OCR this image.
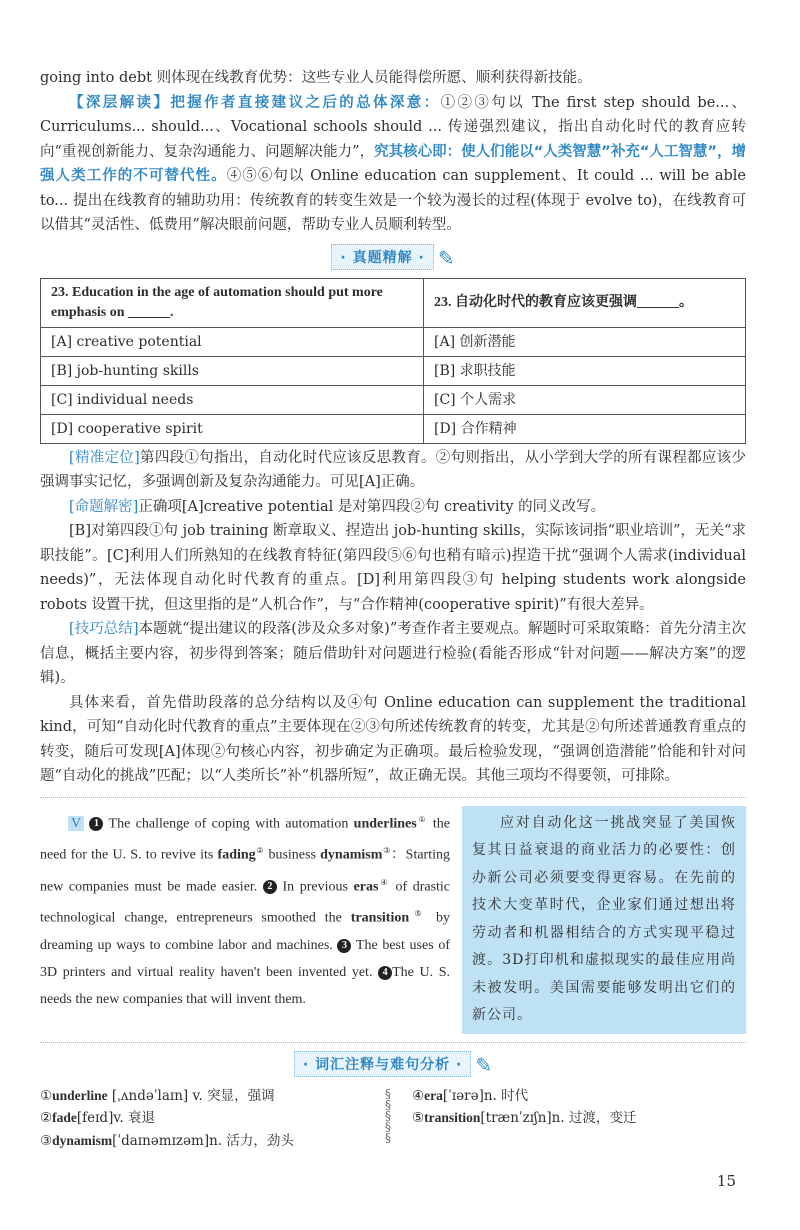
going into debt 则体现在线教育优势：这些专业人员能得偿所愿、顺利获得新技能。

【深层解读】把握作者直接建议之后的总体深意：①②③句以 The first step should be...、Curriculums... should...、Vocational schools should ... 传递强烈建议，指出自动化时代的教育应转向“重视创新能力、复杂沟通能力、问题解决能力”，究其核心即：使人们能以“人类智慧”补充“人工智慧”，增强人类工作的不可替代性。④⑤⑥句以 Online education can supplement、It could ... will be able to... 提出在线教育的辅助功用：传统教育的转变生效是一个较为漫长的过程(体现于 evolve to)，在线教育可以借其“灵活性、低费用”解决眼前问题，帮助专业人员顺利转型。

· 真题精解 · ✎
23. Education in the age of automation should put more emphasis on ______.	23. 自动化时代的教育应该更强调______。
[A] creative potential	[A] 创新潜能
[B] job-hunting skills	[B] 求职技能
[C] individual needs	[C] 个人需求
[D] cooperative spirit	[D] 合作精神

[精准定位]第四段①句指出，自动化时代应该反思教育。②句则指出，从小学到大学的所有课程都应该少强调事实记忆，多强调创新及复杂沟通能力。可见[A]正确。

[命题解密]正确项[A]creative potential 是对第四段②句 creativity 的同义改写。

[B]对第四段①句 job training 断章取义、捏造出 job-hunting skills，实际该词指“职业培训”，无关“求职技能”。[C]利用人们所熟知的在线教育特征(第四段⑤⑥句也稍有暗示)捏造干扰“强调个人需求(individual needs)”，无法体现自动化时代教育的重点。[D]利用第四段③句 helping students work alongside robots 设置干扰，但这里指的是“人机合作”，与“合作精神(cooperative spirit)”有很大差异。

[技巧总结]本题就“提出建议的段落(涉及众多对象)”考查作者主要观点。解题时可采取策略：首先分清主次信息，概括主要内容，初步得到答案；随后借助针对问题进行检验(看能否形成“针对问题——解决方案”的逻辑)。

具体来看，首先借助段落的总分结构以及④句 Online education can supplement the traditional kind，可知“自动化时代教育的重点”主要体现在②③句所述传统教育的转变，尤其是②句所述普通教育重点的转变，随后可发现[A]体现②句核心内容，初步确定为正确项。最后检验发现，“强调创造潜能”恰能和针对问题“自动化的挑战”匹配；以“人类所长”补“机器所短”，故正确无误。其他三项均不得要领，可排除。

V 1 The challenge of coping with automation underlines① the need for the U. S. to revive its fading② business dynamism③：Starting new companies must be made easier. 2 In previous eras④ of drastic technological change, entrepreneurs smoothed the transition⑤ by dreaming up ways to combine labor and machines. 3 The best uses of 3D printers and virtual reality haven't been invented yet. 4 The U. S. needs the new companies that will invent them.

应对自动化这一挑战突显了美国恢复其日益衰退的商业活力的必要性：创办新公司必须要变得更容易。在先前的技术大变革时代，企业家们通过想出将劳动者和机器相结合的方式实现平稳过渡。3D打印机和虚拟现实的最佳应用尚未被发明。美国需要能够发明出它们的新公司。

· 词汇注释与难句分析 · ✎
①underline [ˌʌndəˈlaɪn] v. 突显，强调
②fade[feɪd]v. 衰退
③dynamism[ˈdaɪnəmɪzəm]n. 活力，劲头
§
§
§
§
§
④era[ˈɪərə]n. 时代
⑤transition[trænˈzɪʃn]n. 过渡，变迁
15
